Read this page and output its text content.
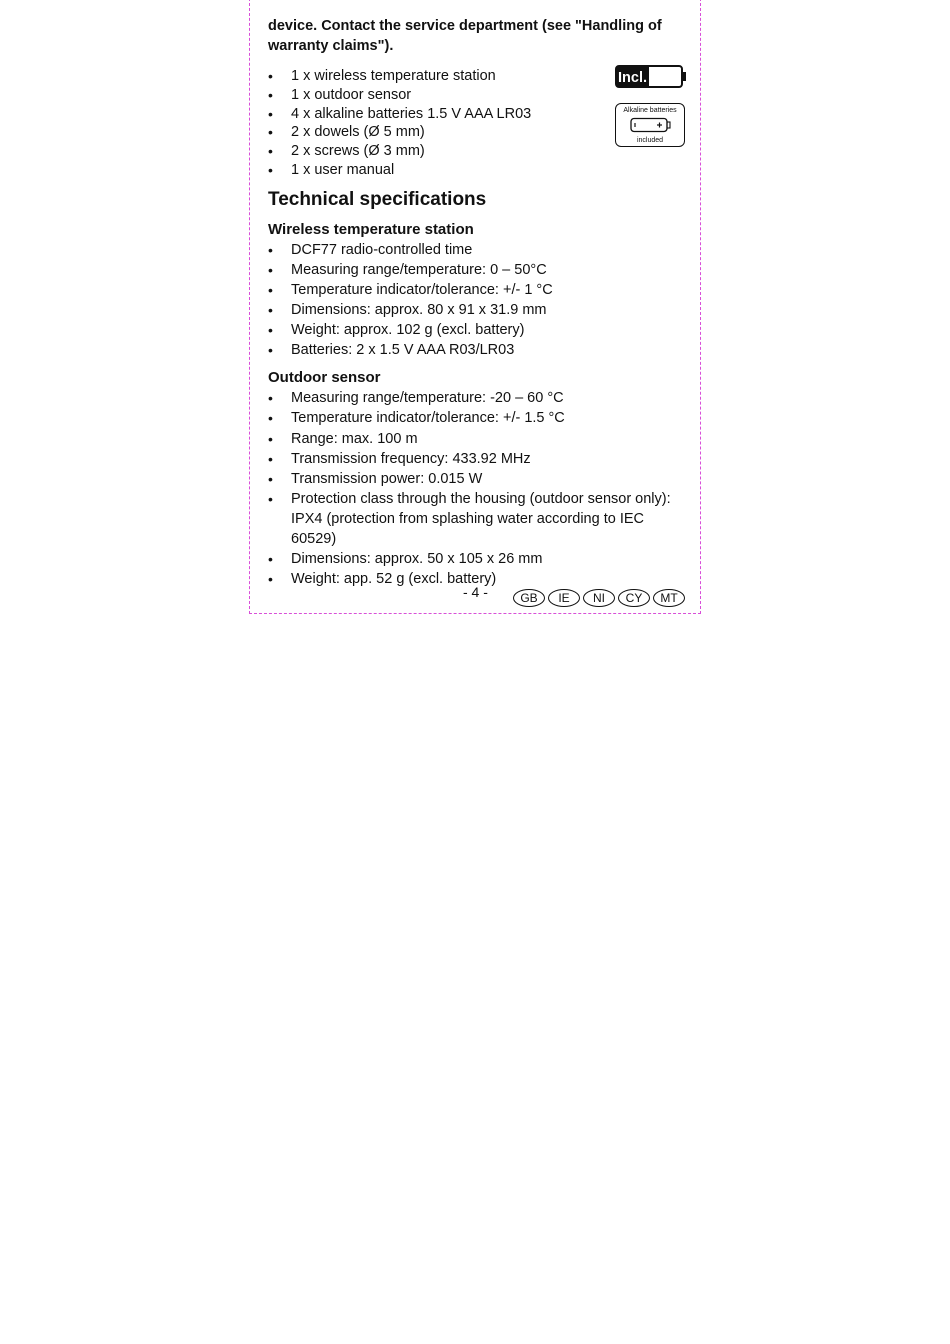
device. Contact the service department (see "Handling of warranty claims").

• 1 x wireless temperature station
• 1 x outdoor sensor
• 4 x alkaline batteries 1.5 V AAA LR03
• 2 x dowels (Ø 5 mm)
• 2 x screws (Ø 3 mm)
• 1 x user manual
Technical specifications
Wireless temperature station
• DCF77 radio-controlled time
• Measuring range/temperature: 0 – 50°C
• Temperature indicator/tolerance: +/- 1 °C
• Dimensions: approx. 80 x 91 x 31.9 mm
• Weight: approx. 102 g (excl. battery)
• Batteries: 2 x 1.5 V AAA R03/LR03
Outdoor sensor
• Measuring range/temperature: -20 – 60 °C
• Temperature indicator/tolerance: +/- 1.5 °C
• Range: max. 100 m
• Transmission frequency: 433.92 MHz
• Transmission power: 0.015 W
• Protection class through the housing (outdoor sensor only): IPX4 (protection from splashing water according to IEC 60529)
• Dimensions: approx. 50 x 105 x 26 mm
• Weight: app. 52 g (excl. battery)
Incl.
Alkaline batteries
included
- 4 -	GB	IE	NI	CY	MT
